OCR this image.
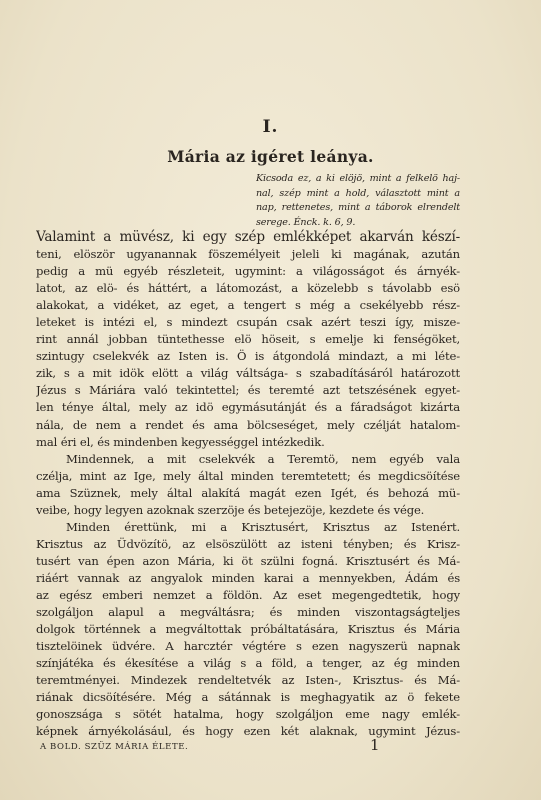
I.
Mária az igéret leánya.
Kicsoda ez, a ki elöjö, mint a felkelö haj-
nal, szép mint a hold, választott mint a
nap, rettenetes, mint a táborok elrendelt
serege. Énck. k. 6, 9.
Valamint a müvész, ki egy szép emlékképet akarván készí-
teni, elöször ugyanannak föszemélyeit jeleli ki magának, azután
pedig a mü egyéb részleteit, ugymint: a világosságot és árnyék-
latot, az elö- és háttért, a látomozást, a közelebb s távolabb esö
alakokat, a vidéket, az eget, a tengert s még a csekélyebb rész-
leteket is intézi el, s mindezt csupán csak azért teszi így, misze-
rint annál jobban tüntethesse elö höseit, s emelje ki fenségöket,
szintugy cselekvék az Isten is. Ö is átgondolá mindazt, a mi léte-
zik, s a mit idök elött a világ váltsága- s szabadításáról határozott
Jézus s Máriára való tekintettel; és teremté azt tetszésének egyet-
len ténye által, mely az idö egymásutánját és a fáradságot kizárta
nála, de nem a rendet és ama bölcseséget, mely czélját hatalom-
mal éri el, és mindenben kegyességgel intézkedik.
Mindennek, a mit cselekvék a Teremtö, nem egyéb vala
czélja, mint az Ige, mely által minden teremtetett; és megdicsöítése
ama Szüznek, mely által alakítá magát ezen Igét, és behozá mü-
veibe, hogy legyen azoknak szerzöje és betejezöje, kezdete és vége.
Minden érettünk, mi a Krisztusért, Krisztus az Istenért.
Krisztus az Üdvözítö, az elsöszülött az isteni tényben; és Krisz-
tusért van épen azon Mária, ki öt szülni fogná. Krisztusért és Má-
riáért vannak az angyalok minden karai a mennyekben, Ádám és
az egész emberi nemzet a földön. Az eset megengedtetik, hogy
szolgáljon alapul a megváltásra; és minden viszontagságteljes
dolgok történnek a megváltottak próbáltatására, Krisztus és Mária
tisztelöinek üdvére. A harcztér végtére s ezen nagyszerü napnak
színjátéka és ékesítése a világ s a föld, a tenger, az ég minden
teremtményei. Mindezek rendeltetvék az Isten-, Krisztus- és Má-
riának dicsöítésére. Még a sátánnak is meghagyatik az ö fekete
gonoszsága s sötét hatalma, hogy szolgáljon eme nagy emlék-
képnek árnyékolásául, és hogy ezen két alaknak, ugymint Jézus-
A BOLD. SZÜZ MÁRIA ÉLETE.	1
